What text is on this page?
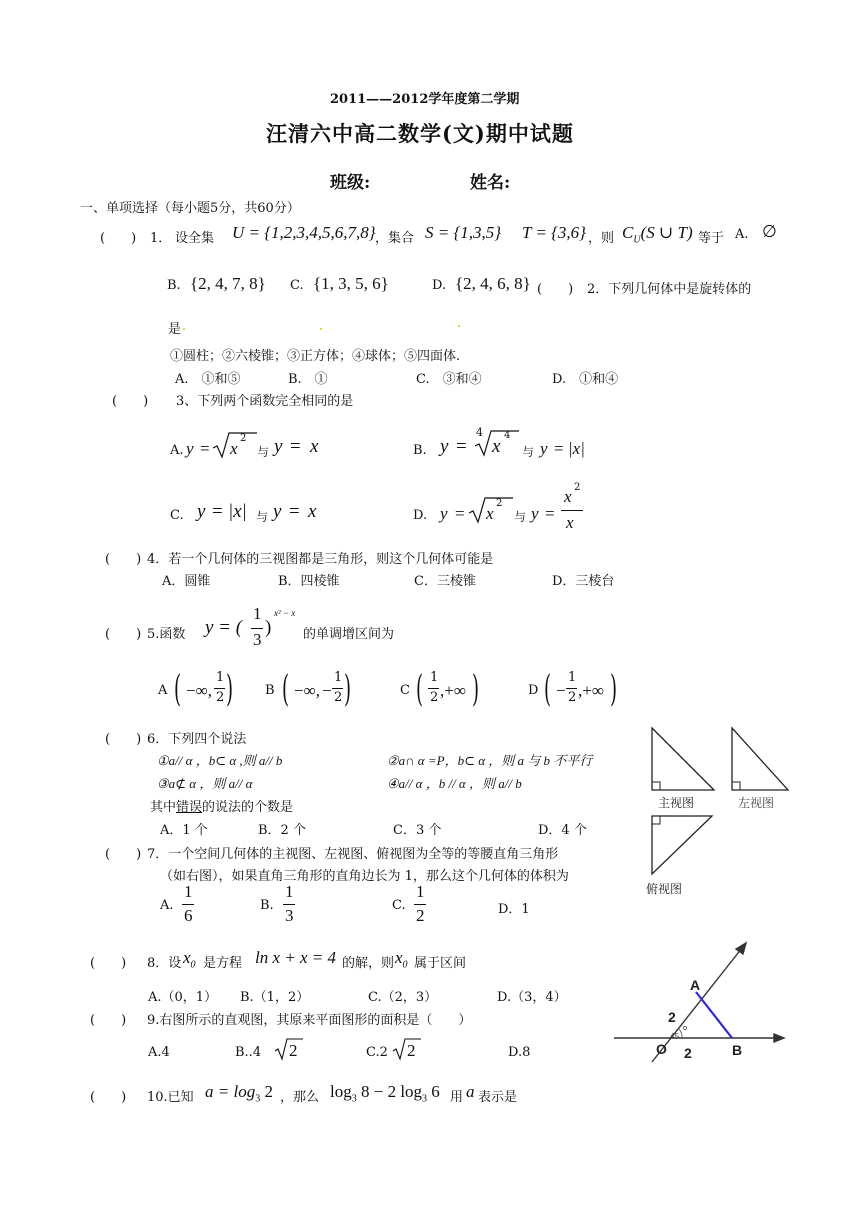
2011——2012学年度第二学期
汪清六中高二数学(文)期中试题
班级:	姓名:
一、单项选择（每小题5分，共60分）
(　　) 1． 设全集 U = {1,2,3,4,5,6,7,8} ，集合 S = {1,3,5} T = {3,6} ，则 $C_U(S$ ∪ T) 等于 A. ∅
B. {2, 4, 7, 8} C. {1, 3, 5, 6}	D. {2, 4, 6, 8} (　　) 2．下列几何体中是旋转体的
是
①圆柱；②六棱锥；③正方体；④球体；⑤四面体.
A.　①和⑤	B.　①	C.　③和④	D.　①和④
(　　) 3、下列两个函数完全相同的是
A. y = x
2
与 y = x	B. y =
4
x
4
与 y = |x|
C. y = |x| 与 y = x	D. y = x
2
与 y =
x 2
x
(　　) 4．若一个几何体的三视图都是三角形，则这个几何体可能是
A．圆锥	B．四棱锥	C．三棱锥	D．三棱台
(　　) 5.函数 y = (
1
3
)
x² − x
的单调增区间为
A ( −∞,
1
2 ) B ( −∞, −
1
2 )	C ( 1
2 ,+∞ )	D ( −
1
2 ,+∞ )
(　　) 6．下列四个说法
①a// α ，b⊂ α ,则 a// b	②a∩ α =P，b⊂ α ，则 a 与 b 不平行
③a⊄ α ，则 a// α	④a// α ，b // α ，则 a// b
其中错误的说法的个数是
A．1 个	B．2 个	C．3 个	D．4 个
主视图	左视图
俯视图
(　　) 7．一个空间几何体的主视图、左视图、俯视图为全等的等腰直角三角形
（如右图），如果直角三角形的直角边长为 1，那么这个几何体的体积为
A.
1
6
B.
1
3
C.
1
2	D．1
(　　) 8．设 $x_0$ 是方程 ln x + x = 4 的解，则 $x_0$ 属于区间
A.（0，1） B.（1，2）	C.（2，3）	D.（3，4）
(　　) 9.右图所示的直观图，其原来平面图形的面积是（　　）
A.4	B..4 2	C.2 2	D.8
A
B
O
2
2
45
(　　) 10.已知 $a = \log_3 2$ ，那么 $\log_3 8 - 2$ $\log_3 6$ 用 a 表示是
